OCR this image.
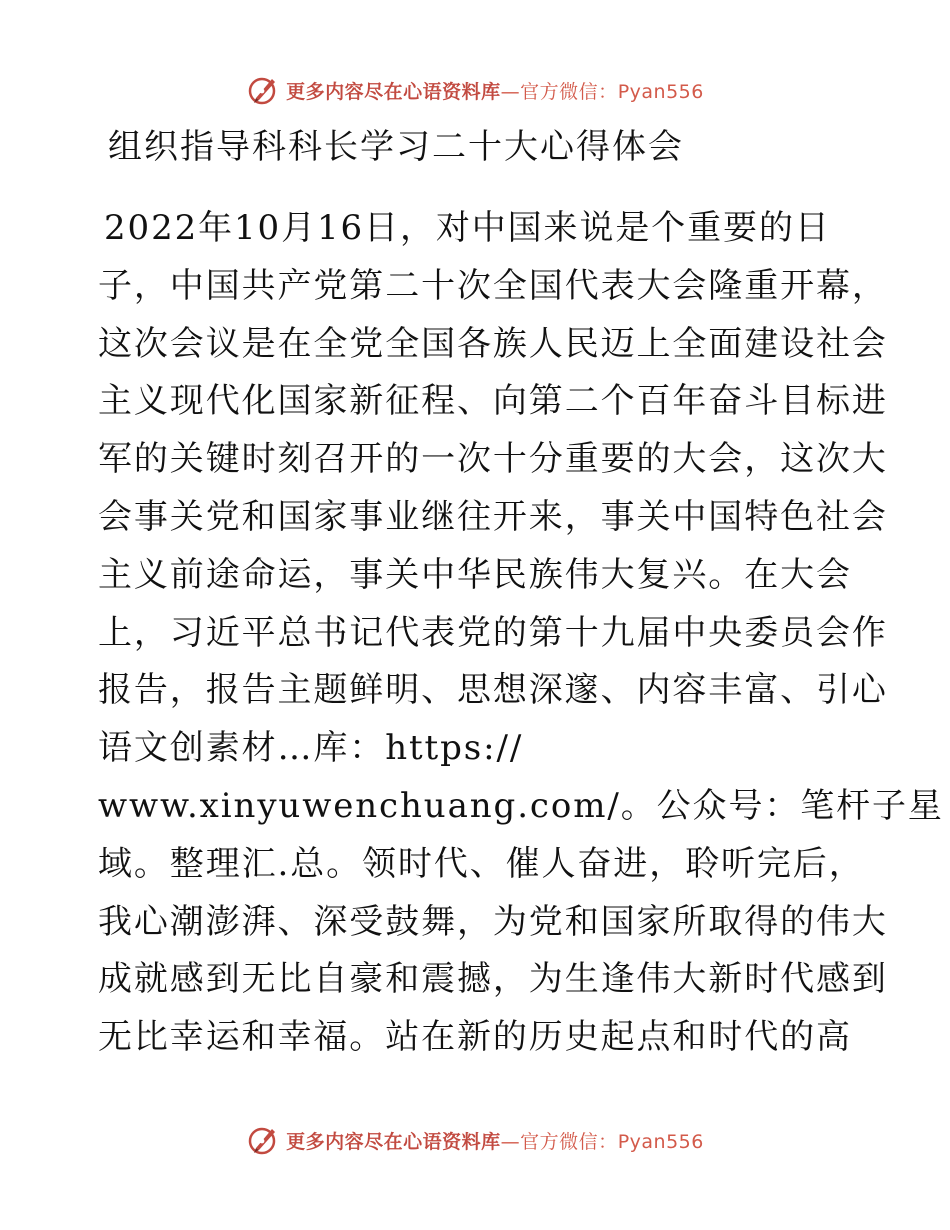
更多内容尽在心语资料库—官方微信：Pyan556
组织指导科科长学习二十大心得体会
2022年10月16日，对中国来说是个重要的日
子，中国共产党第二十次全国代表大会隆重开幕，
这次会议是在全党全国各族人民迈上全面建设社会
主义现代化国家新征程、向第二个百年奋斗目标进
军的关键时刻召开的一次十分重要的大会，这次大
会事关党和国家事业继往开来，事关中国特色社会
主义前途命运，事关中华民族伟大复兴。在大会
上，习近平总书记代表党的第十九届中央委员会作
报告，报告主题鲜明、思想深邃、内容丰富、引心
语文创素材…库：https://
www.xinyuwenchuang.com/。公众号：笔杆子星
域。整理汇.总。领时代、催人奋进，聆听完后，
我心潮澎湃、深受鼓舞，为党和国家所取得的伟大
成就感到无比自豪和震撼，为生逢伟大新时代感到
无比幸运和幸福。站在新的历史起点和时代的高
更多内容尽在心语资料库—官方微信：Pyan556
